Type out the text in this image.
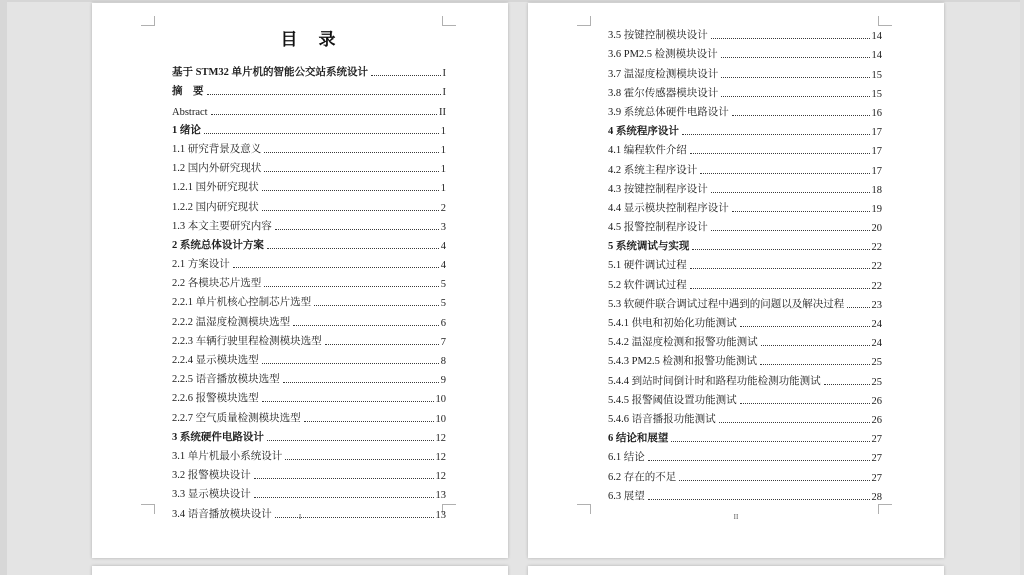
目　录
基于 STM32 单片机的智能公交站系统设计	I
摘　要	I
Abstract	II
1 绪论	1
1.1 研究背景及意义	1
1.2 国内外研究现状	1
1.2.1 国外研究现状	1
1.2.2 国内研究现状	2
1.3 本文主要研究内容	3
2 系统总体设计方案	4
2.1 方案设计	4
2.2 各模块芯片选型	5
2.2.1 单片机核心控制芯片选型	5
2.2.2 温湿度检测模块选型	6
2.2.3 车辆行驶里程检测模块选型	7
2.2.4 显示模块选型	8
2.2.5 语音播放模块选型	9
2.2.6 报警模块选型	10
2.2.7 空气质量检测模块选型	10
3 系统硬件电路设计	12
3.1 单片机最小系统设计	12
3.2 报警模块设计	12
3.3 显示模块设计	13
3.4 语音播放模块设计	13
I
3.5 按键控制模块设计	14
3.6 PM2.5 检测模块设计	14
3.7 温湿度检测模块设计	15
3.8 霍尔传感器模块设计	15
3.9 系统总体硬件电路设计	16
4 系统程序设计	17
4.1 编程软件介绍	17
4.2 系统主程序设计	17
4.3 按键控制程序设计	18
4.4 显示模块控制程序设计	19
4.5 报警控制程序设计	20
5 系统调试与实现	22
5.1 硬件调试过程	22
5.2 软件调试过程	22
5.3 软硬件联合调试过程中遇到的问题以及解决过程	23
5.4.1 供电和初始化功能测试	24
5.4.2 温湿度检测和报警功能测试	24
5.4.3 PM2.5 检测和报警功能测试	25
5.4.4 到站时间倒计时和路程功能检测功能测试	25
5.4.5 报警阈值设置功能测试	26
5.4.6 语音播报功能测试	26
6 结论和展望	27
6.1 结论	27
6.2 存在的不足	27
6.3 展望	28
II
